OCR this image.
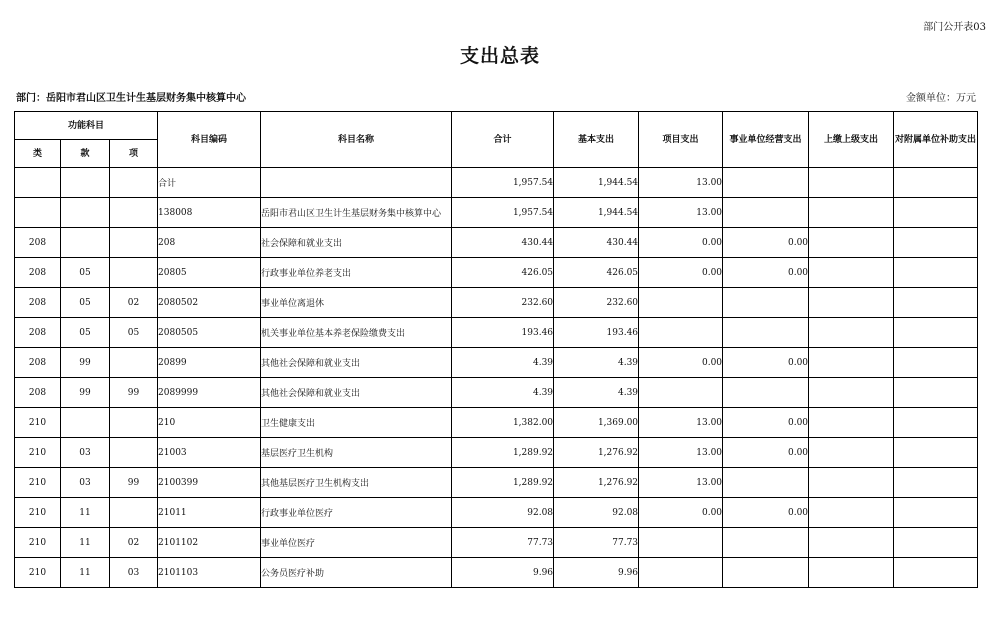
部门公开表03
支出总表
部门：岳阳市君山区卫生计生基层财务集中核算中心	金额单位：万元
功能科目			科目编码	科目名称	合计	基本支出	项目支出	事业单位经营支出	上缴上级支出	对附属单位补助支出
类	款	项								
			合计		1,957.54	1,944.54	13.00			
			138008	岳阳市君山区卫生计生基层财务集中核算中心	1,957.54	1,944.54	13.00			
208			208	社会保障和就业支出	430.44	430.44	0.00	0.00		
208	05		20805	行政事业单位养老支出	426.05	426.05	0.00	0.00		
208	05	02	2080502	事业单位离退休	232.60	232.60				
208	05	05	2080505	机关事业单位基本养老保险缴费支出	193.46	193.46				
208	99		20899	其他社会保障和就业支出	4.39	4.39	0.00	0.00		
208	99	99	2089999	其他社会保障和就业支出	4.39	4.39				
210			210	卫生健康支出	1,382.00	1,369.00	13.00	0.00		
210	03		21003	基层医疗卫生机构	1,289.92	1,276.92	13.00	0.00		
210	03	99	2100399	其他基层医疗卫生机构支出	1,289.92	1,276.92	13.00			
210	11		21011	行政事业单位医疗	92.08	92.08	0.00	0.00		
210	11	02	2101102	事业单位医疗	77.73	77.73				
210	11	03	2101103	公务员医疗补助	9.96	9.96				
